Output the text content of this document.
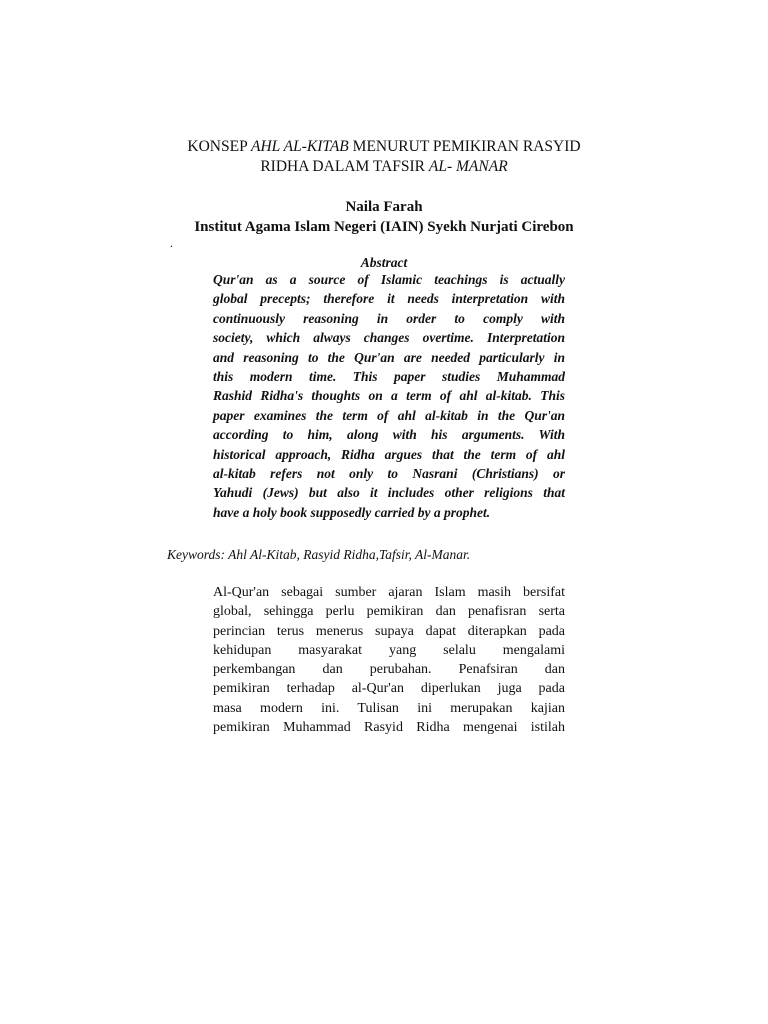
KONSEP AHL AL-KITAB MENURUT PEMIKIRAN RASYID
RIDHA DALAM TAFSIR AL- MANAR
Naila Farah
Institut Agama Islam Negeri (IAIN) Syekh Nurjati Cirebon
.
Abstract
Qur'an as a source of Islamic teachings is actually
global precepts; therefore it needs interpretation with
continuously reasoning in order to comply with
society, which always changes overtime. Interpretation
and reasoning to the Qur'an are needed particularly in
this modern time. This paper studies Muhammad
Rashid Ridha's thoughts on a term of ahl al-kitab. This
paper examines the term of ahl al-kitab in the Qur'an
according to him, along with his arguments. With
historical approach, Ridha argues that the term of ahl
al-kitab refers not only to Nasrani (Christians) or
Yahudi (Jews) but also it includes other religions that
have a holy book supposedly carried by a prophet.
Keywords: Ahl Al-Kitab, Rasyid Ridha,Tafsir, Al-Manar.
Al-Qur'an sebagai sumber ajaran Islam masih bersifat
global, sehingga perlu pemikiran dan penafisran serta
perincian terus menerus supaya dapat diterapkan pada
kehidupan masyarakat yang selalu mengalami
perkembangan dan perubahan. Penafsiran dan
pemikiran terhadap al-Qur'an diperlukan juga pada
masa modern ini. Tulisan ini merupakan kajian
pemikiran Muhammad Rasyid Ridha mengenai istilah
